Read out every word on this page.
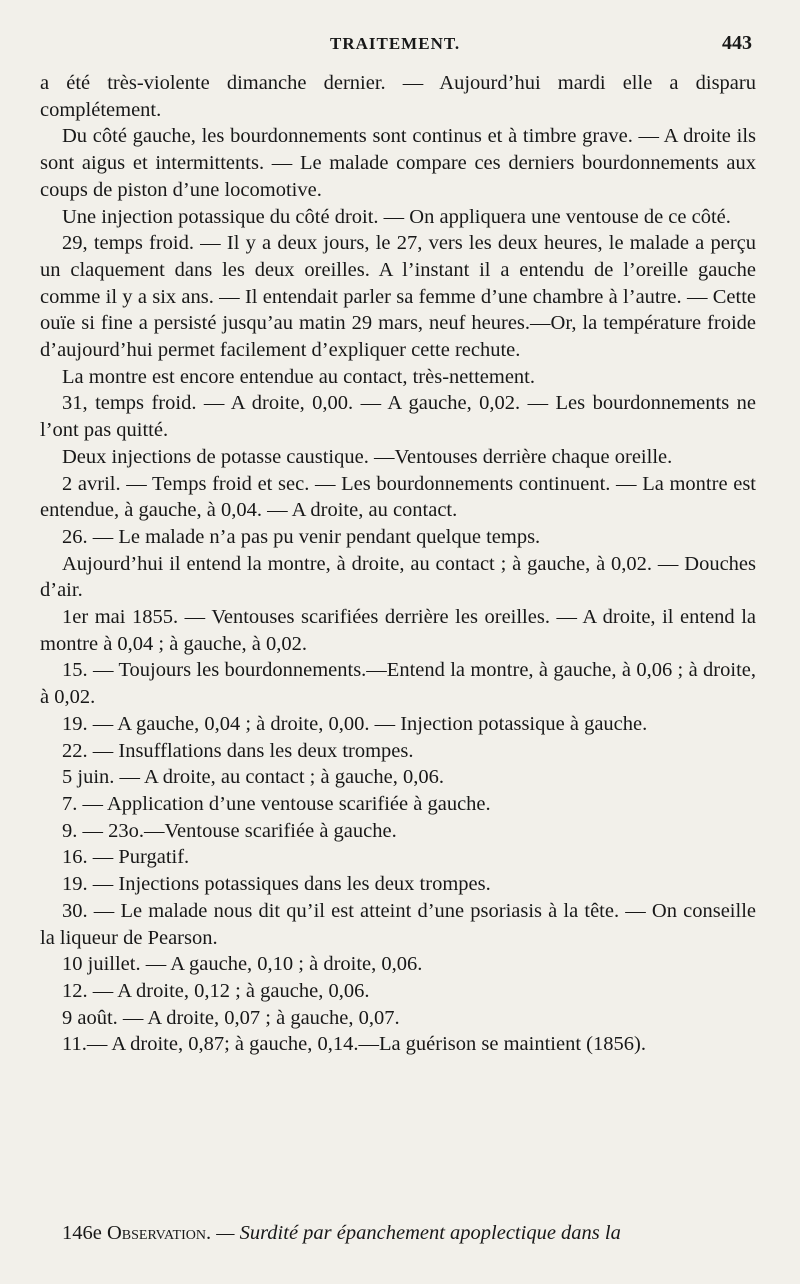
TRAITEMENT.	443

a été très-violente dimanche dernier. — Aujourd’hui mardi elle a disparu complétement.

Du côté gauche, les bourdonnements sont continus et à timbre grave. — A droite ils sont aigus et intermittents. — Le malade compare ces derniers bourdonnements aux coups de piston d’une locomotive.

Une injection potassique du côté droit. — On appliquera une ventouse de ce côté.

29, temps froid. — Il y a deux jours, le 27, vers les deux heures, le malade a perçu un claquement dans les deux oreilles. A l’instant il a entendu de l’oreille gauche comme il y a six ans. — Il entendait parler sa femme d’une chambre à l’autre. — Cette ouïe si fine a persisté jusqu’au matin 29 mars, neuf heures.—Or, la température froide d’aujourd’hui permet facilement d’expliquer cette rechute.

La montre est encore entendue au contact, très-nettement.

31, temps froid. — A droite, 0,00. — A gauche, 0,02. — Les bourdonnements ne l’ont pas quitté.

Deux injections de potasse caustique. —Ventouses derrière chaque oreille.

2 avril. — Temps froid et sec. — Les bourdonnements continuent. — La montre est entendue, à gauche, à 0,04. — A droite, au contact.

26. — Le malade n’a pas pu venir pendant quelque temps.

Aujourd’hui il entend la montre, à droite, au contact ; à gauche, à 0,02. — Douches d’air.

1er mai 1855. — Ventouses scarifiées derrière les oreilles. — A droite, il entend la montre à 0,04 ; à gauche, à 0,02.

15. — Toujours les bourdonnements.—Entend la montre, à gauche, à 0,06 ; à droite, à 0,02.

19. — A gauche, 0,04 ; à droite, 0,00. — Injection potassique à gauche.

22. — Insufflations dans les deux trompes.

5 juin. — A droite, au contact ; à gauche, 0,06.

7. — Application d’une ventouse scarifiée à gauche.

9. — 23o.—Ventouse scarifiée à gauche.

16. — Purgatif.

19. — Injections potassiques dans les deux trompes.

30. — Le malade nous dit qu’il est atteint d’une psoriasis à la tête. — On conseille la liqueur de Pearson.

10 juillet. — A gauche, 0,10 ; à droite, 0,06.

12. — A droite, 0,12 ; à gauche, 0,06.

9 août. — A droite, 0,07 ; à gauche, 0,07.

11.— A droite, 0,87; à gauche, 0,14.—La guérison se maintient (1856).

146e Observation. — Surdité par épanchement apoplectique dans la
